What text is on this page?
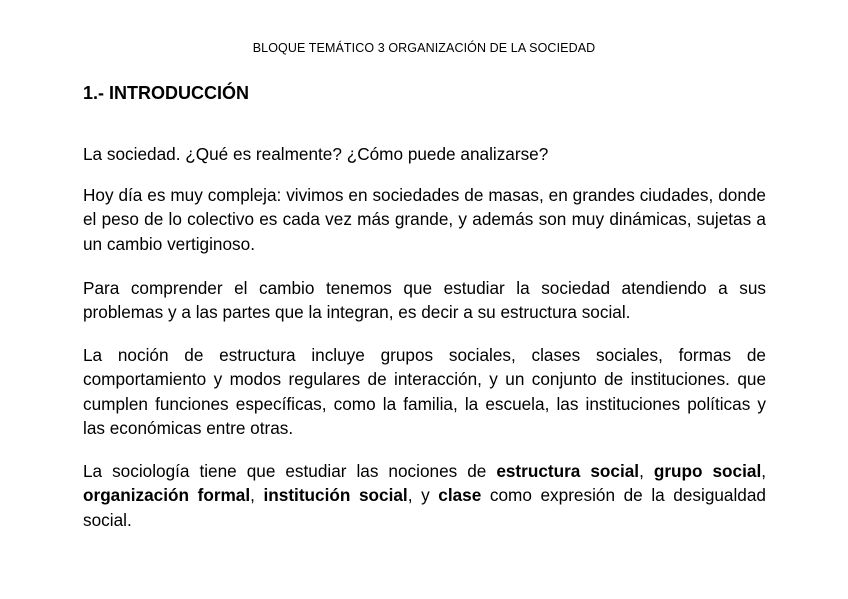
BLOQUE TEMÁTICO 3 ORGANIZACIÓN DE LA SOCIEDAD
1.- INTRODUCCIÓN

La sociedad. ¿Qué es realmente? ¿Cómo puede analizarse?

Hoy día es muy compleja: vivimos en sociedades de masas, en grandes ciudades, donde el peso de lo colectivo es cada vez más grande, y además son muy dinámicas, sujetas a un cambio vertiginoso.

Para comprender el cambio tenemos que estudiar la sociedad atendiendo a sus problemas y a las partes que la integran, es decir a su estructura social.

La noción de estructura incluye grupos sociales, clases sociales, formas de comportamiento y modos regulares de interacción, y un conjunto de instituciones. que cumplen funciones específicas, como la familia, la escuela, las instituciones políticas y las económicas entre otras.

La sociología tiene que estudiar las nociones de estructura social, grupo social, organización formal, institución social, y clase como expresión de la desigualdad social.
